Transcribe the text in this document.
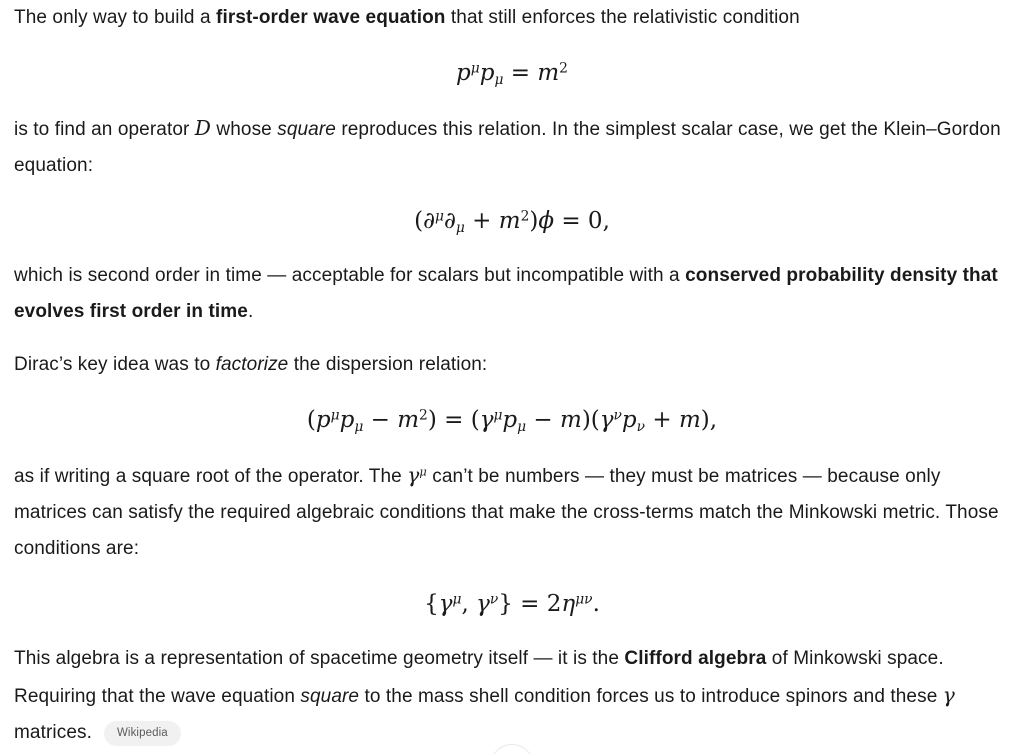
The only way to build a first-order wave equation that still enforces the relativistic condition

$p^\mu p_\mu = m^2$

is to find an operator D whose square reproduces this relation. In the simplest scalar case, we get the Klein–Gordon equation:

$(\partial^\mu\partial_\mu + m^2)\phi = 0$,

which is second order in time — acceptable for scalars but incompatible with a conserved probability density that evolves first order in time.

Dirac’s key idea was to factorize the dispersion relation:

$(p^\mu p_\mu - m^2) = (\gamma^\mu p_\mu - m)(\gamma^\nu p_\nu + m)$,

as if writing a square root of the operator. The $\gamma^\mu$ can’t be numbers — they must be matrices — because only matrices can satisfy the required algebraic conditions that make the cross-terms match the Minkowski metric. Those conditions are:

{$\gamma^\mu$, $\gamma^\nu\} = 2\eta^{\mu\nu}$.

This algebra is a representation of spacetime geometry itself — it is the Clifford algebra of Minkowski space. Requiring that the wave equation square to the mass shell condition forces us to introduce spinors and these γ matrices. Wikipedia
